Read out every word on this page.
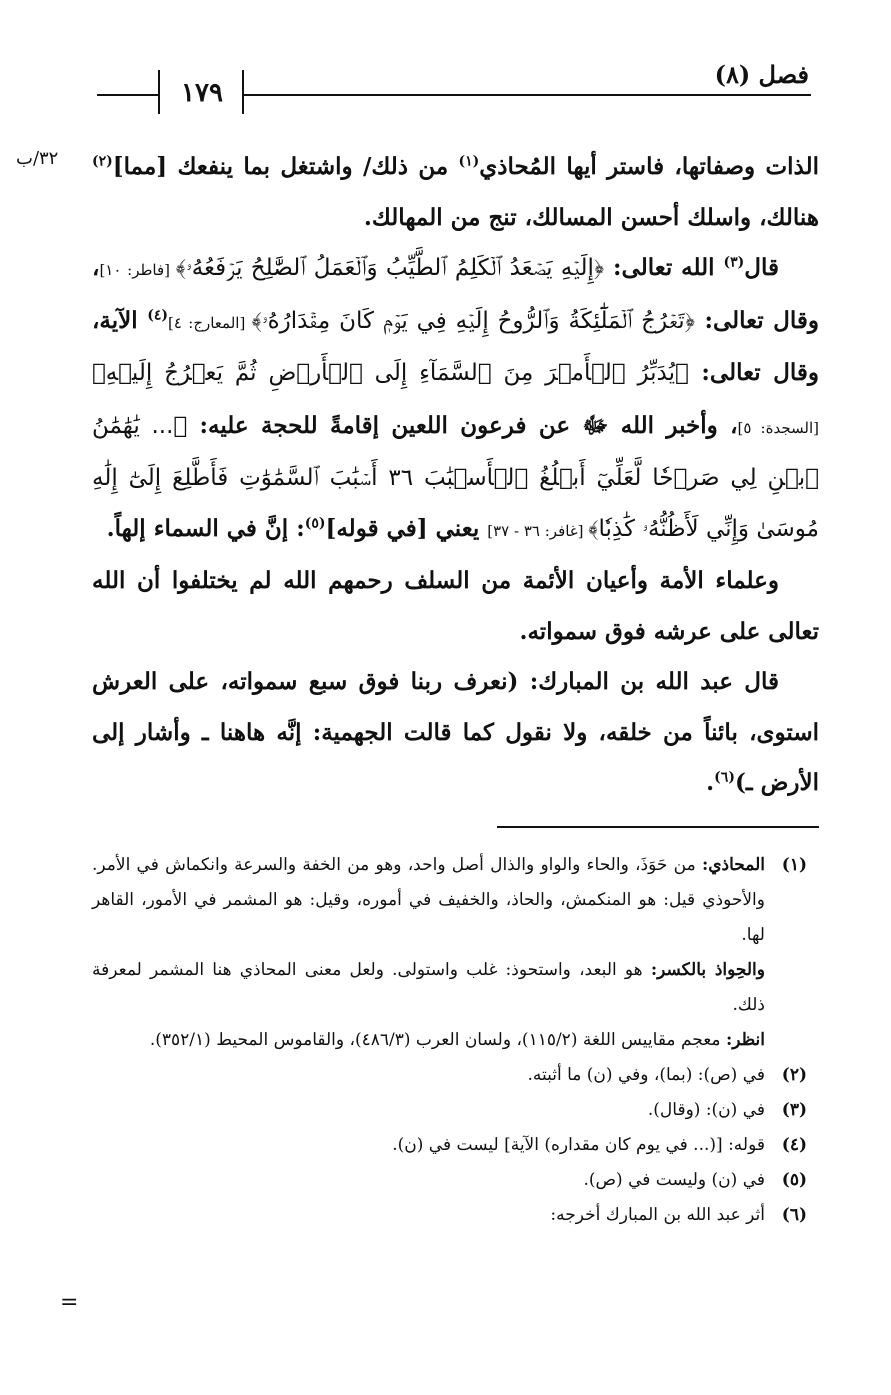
فصل (٨)
١٧٩
٣٢/ب
=

الذات وصفاتها، فاستر أيها المُحاذي$^{(١)}$ من ذلك/ واشتغل بما ينفعك [مما]$^{(٢)}$ هنالك، واسلك أحسن المسالك، تنج من المهالك.

قال$^{(٣)}$ الله تعالى: ﴿إِلَيۡهِ يَصۡعَدُ ٱلۡكَلِمُ ٱلطَّيِّبُ وَٱلۡعَمَلُ ٱلصَّٰلِحُ يَرۡفَعُهُۥ﴾ [فاطر: ١٠]، وقال تعالى: ﴿تَعۡرُجُ ٱلۡمَلَٰٓئِكَةُ وَٱلرُّوحُ إِلَيۡهِ فِي يَوۡمٖ كَانَ مِقۡدَارُهُۥ﴾ [المعارج: ٤]$^{(٤)}$ الآية، وقال تعالى: ﴿يُدَبِّرُ ٱلۡأَمۡرَ مِنَ ٱلسَّمَآءِ إِلَى ٱلۡأَرۡضِ ثُمَّ يَعۡرُجُ إِلَيۡهِ﴾ [السجدة: ٥]، وأخبر الله ﷻ عن فرعون اللعين إقامةً للحجة عليه: ﴿... يَٰهَٰمَٰنُ ٱبۡنِ لِي صَرۡحٗا لَّعَلِّيٓ أَبۡلُغُ ٱلۡأَسۡبَٰبَ ٣٦ أَسۡبَٰبَ ٱلسَّمَٰوَٰتِ فَأَطَّلِعَ إِلَىٰٓ إِلَٰهِ مُوسَىٰ وَإِنِّي لَأَظُنُّهُۥ كَٰذِبٗا﴾ [غافر: ٣٦ - ٣٧] يعني [في قوله]$^{(٥)}$: إنَّ في السماء إلهاً.

وعلماء الأمة وأعيان الأئمة من السلف رحمهم الله لم يختلفوا أن الله تعالى على عرشه فوق سمواته.

قال عبد الله بن المبارك: (نعرف ربنا فوق سبع سمواته، على العرش استوى، بائناً من خلقه، ولا نقول كما قالت الجهمية: إنَّه هاهنا ـ وأشار إلى الأرض ـ)$^{(٦)}$.

(١)
المحاذي: من حَوَذَ، والحاء والواو والذال أصل واحد، وهو من الخفة والسرعة وانكماش في الأمر. والأحوذي قيل: هو المنكمش، والحاذ، والخفيف في أموره، وقيل: هو المشمر في الأمور، القاهر لها.

والحِواذ بالكسر: هو البعد، واستحوذ: غلب واستولى. ولعل معنى المحاذي هنا المشمر لمعرفة ذلك.

انظر: معجم مقاييس اللغة (١١٥/٢)، ولسان العرب (٤٨٦/٣)، والقاموس المحيط (٣٥٢/١).

(٢)
في (ص): (بما)، وفي (ن) ما أثبته.

(٣)
في (ن): (وقال).

(٤)
قوله: [(... في يوم كان مقداره) الآية] ليست في (ن).

(٥)
في (ن) وليست في (ص).

(٦)
أثر عبد الله بن المبارك أخرجه:
